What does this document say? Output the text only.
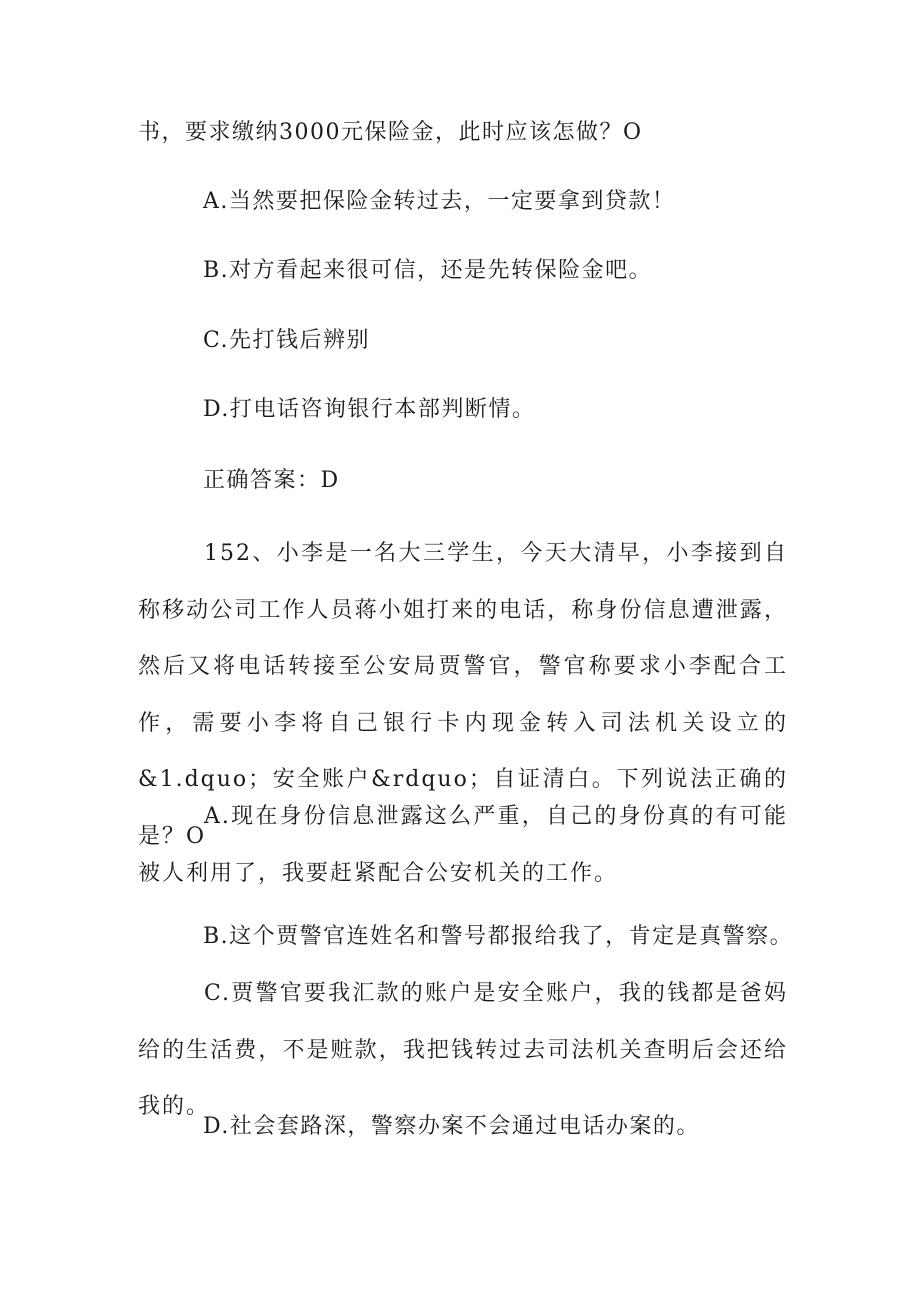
书，要求缴纳3000元保险金，此时应该怎做？O
A.当然要把保险金转过去，一定要拿到贷款！
B.对方看起来很可信，还是先转保险金吧。
C.先打钱后辨别
D.打电话咨询银行本部判断情。
正确答案：D

152、小李是一名大三学生，今天大清早，小李接到自称移动公司工作人员蒋小姐打来的电话，称身份信息遭泄露，然后又将电话转接至公安局贾警官，警官称要求小李配合工作，需要小李将自己银行卡内现金转入司法机关设立的&1.dquo；安全账户&rdquo；自证清白。下列说法正确的是？O

A.现在身份信息泄露这么严重，自己的身份真的有可能被人利用了，我要赶紧配合公安机关的工作。

B.这个贾警官连姓名和警号都报给我了，肯定是真警察。

C.贾警官要我汇款的账户是安全账户，我的钱都是爸妈给的生活费，不是赃款，我把钱转过去司法机关查明后会还给我的。

D.社会套路深，警察办案不会通过电话办案的。
